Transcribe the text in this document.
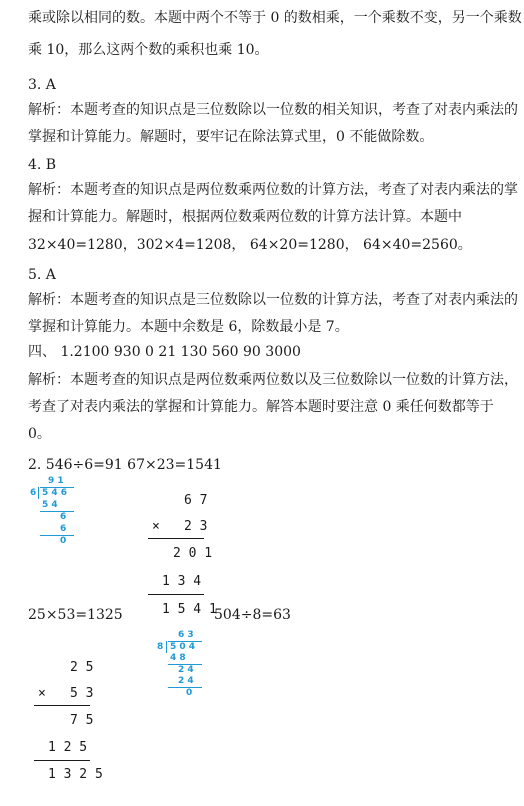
乘或除以相同的数。本题中两个不等于 0 的数相乘，一个乘数不变，另一个乘数
乘 10，那么这两个数的乘积也乘 10。
3. A
解析：本题考查的知识点是三位数除以一位数的相关知识，考查了对表内乘法的
掌握和计算能力。解题时，要牢记在除法算式里，0 不能做除数。
4. B
解析：本题考查的知识点是两位数乘两位数的计算方法，考查了对表内乘法的掌
握和计算能力。解题时，根据两位数乘两位数的计算方法计算。本题中
32×40=1280，302×4=1208， 64×20=1280， 64×40=2560。
5. A
解析：本题考查的知识点是三位数除以一位数的计算方法，考查了对表内乘法的
掌握和计算能力。本题中余数是 6，除数最小是 7。
四、 1.2100 930 0 21 130 560 90 3000
解析：本题考查的知识点是两位数乘两位数以及三位数除以一位数的计算方法，
考查了对表内乘法的掌握和计算能力。解答本题时要注意 0 乘任何数都等于
0。
2. 546÷6=91 67×23=1541
9 1
6 5 4 6
5 4
6
6
0
6 7
× 2 3
2 0 1
1 3 4
1 5 4 1
25×53=1325	504÷8=63
6 3
8 5 0 4
4 8
2 4
2 4
0
2 5
× 5 3
7 5
1 2 5
1 3 2 5
